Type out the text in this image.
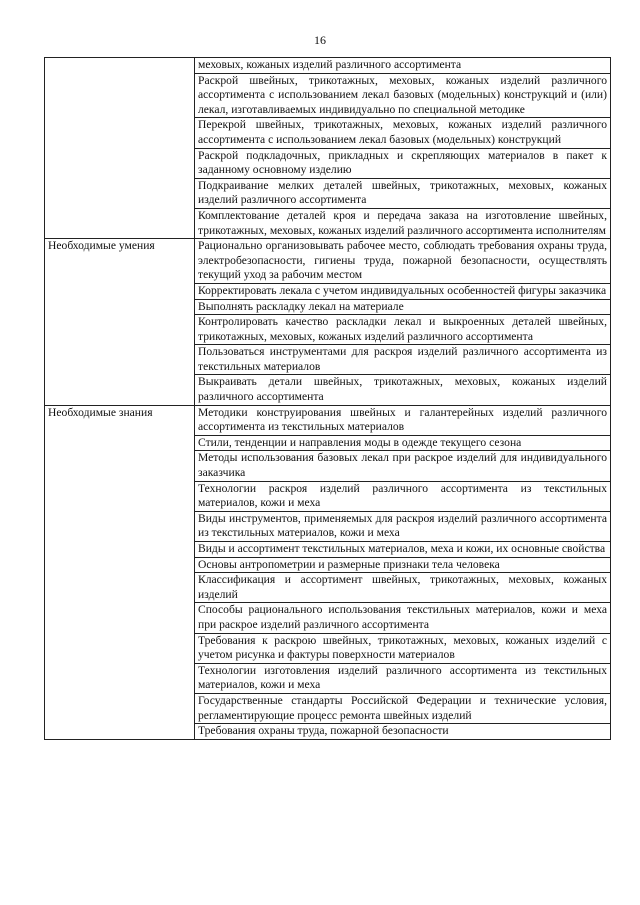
16
	меховых, кожаных изделий различного ассортимента
	Раскрой швейных, трикотажных, меховых, кожаных изделий различного ассортимента с использованием лекал базовых (модельных) конструкций и (или) лекал, изготавливаемых индивидуально по специальной методике
	Перекрой швейных, трикотажных, меховых, кожаных изделий различного ассортимента с использованием лекал базовых (модельных) конструкций
	Раскрой подкладочных, прикладных и скрепляющих материалов в пакет к заданному основному изделию
	Подкраивание мелких деталей швейных, трикотажных, меховых, кожаных изделий различного ассортимента
	Комплектование деталей кроя и передача заказа на изготовление швейных, трикотажных, меховых, кожаных изделий различного ассортимента исполнителям
Необходимые умения	Рационально организовывать рабочее место, соблюдать требования охраны труда, электробезопасности, гигиены труда, пожарной безопасности, осуществлять текущий уход за рабочим местом
	Корректировать лекала с учетом индивидуальных особенностей фигуры заказчика
	Выполнять раскладку лекал на материале
	Контролировать качество раскладки лекал и выкроенных деталей швейных, трикотажных, меховых, кожаных изделий различного ассортимента
	Пользоваться инструментами для раскроя изделий различного ассортимента из текстильных материалов
	Выкраивать детали швейных, трикотажных, меховых, кожаных изделий различного ассортимента
Необходимые знания	Методики конструирования швейных и галантерейных изделий различного ассортимента из текстильных материалов
	Стили, тенденции и направления моды в одежде текущего сезона
	Методы использования базовых лекал при раскрое изделий для индивидуального заказчика
	Технологии раскроя изделий различного ассортимента из текстильных материалов, кожи и меха
	Виды инструментов, применяемых для раскроя изделий различного ассортимента из текстильных материалов, кожи и меха
	Виды и ассортимент текстильных материалов, меха и кожи, их основные свойства
	Основы антропометрии и размерные признаки тела человека
	Классификация и ассортимент швейных, трикотажных, меховых, кожаных изделий
	Способы рационального использования текстильных материалов, кожи и меха при раскрое изделий различного ассортимента
	Требования к раскрою швейных, трикотажных, меховых, кожаных изделий с учетом рисунка и фактуры поверхности материалов
	Технологии изготовления изделий различного ассортимента из текстильных материалов, кожи и меха
	Государственные стандарты Российской Федерации и технические условия, регламентирующие процесс ремонта швейных изделий
	Требования охраны труда, пожарной безопасности
